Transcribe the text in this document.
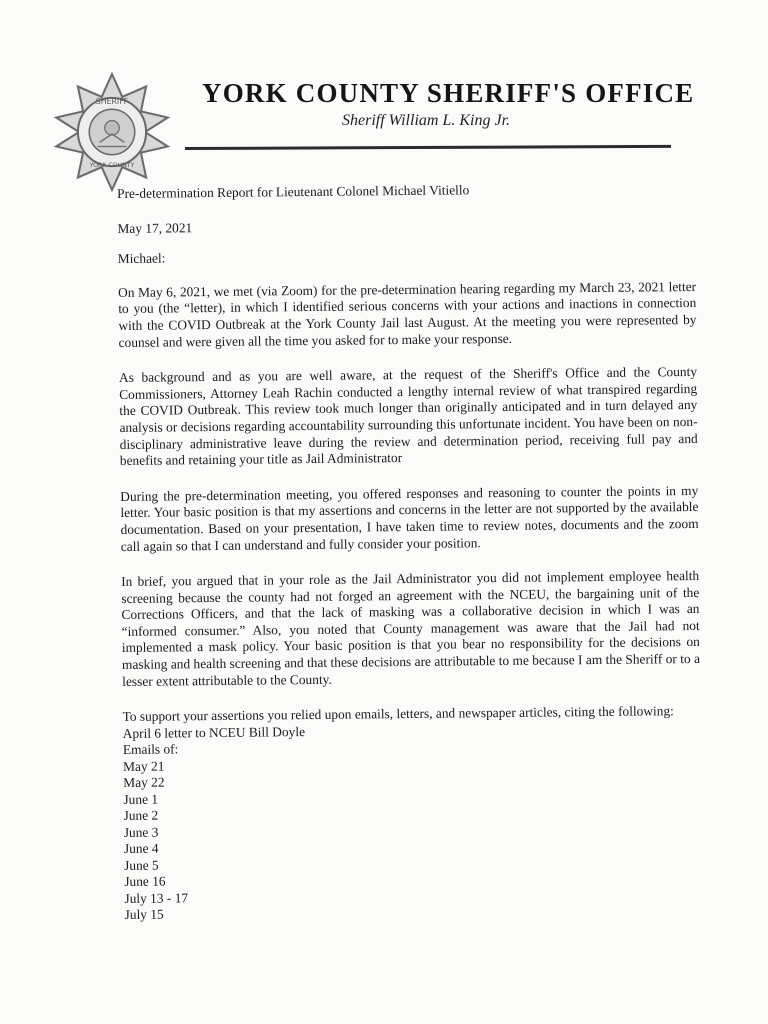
SHERIFF
YORK COUNTY
YORK COUNTY SHERIFF'S OFFICE
Sheriff William L. King Jr.

Pre-determination Report for Lieutenant Colonel Michael Vitiello

May 17, 2021

Michael:

On May 6, 2021, we met (via Zoom) for the pre-determination hearing regarding my March 23, 2021 letter to you (the “letter), in which I identified serious concerns with your actions and inactions in connection with the COVID Outbreak at the York County Jail last August. At the meeting you were represented by counsel and were given all the time you asked for to make your response.

As background and as you are well aware, at the request of the Sheriff's Office and the County Commissioners, Attorney Leah Rachin conducted a lengthy internal review of what transpired regarding the COVID Outbreak. This review took much longer than originally anticipated and in turn delayed any analysis or decisions regarding accountability surrounding this unfortunate incident. You have been on non-disciplinary administrative leave during the review and determination period, receiving full pay and benefits and retaining your title as Jail Administrator

During the pre-determination meeting, you offered responses and reasoning to counter the points in my letter. Your basic position is that my assertions and concerns in the letter are not supported by the available documentation. Based on your presentation, I have taken time to review notes, documents and the zoom call again so that I can understand and fully consider your position.

In brief, you argued that in your role as the Jail Administrator you did not implement employee health screening because the county had not forged an agreement with the NCEU, the bargaining unit of the Corrections Officers, and that the lack of masking was a collaborative decision in which I was an “informed consumer.” Also, you noted that County management was aware that the Jail had not implemented a mask policy. Your basic position is that you bear no responsibility for the decisions on masking and health screening and that these decisions are attributable to me because I am the Sheriff or to a lesser extent attributable to the County.

To support your assertions you relied upon emails, letters, and newspaper articles, citing the following:

April 6 letter to NCEU Bill Doyle
Emails of:
May 21
May 22
June 1
June 2
June 3
June 4
June 5
June 16
July 13 - 17
July 15
